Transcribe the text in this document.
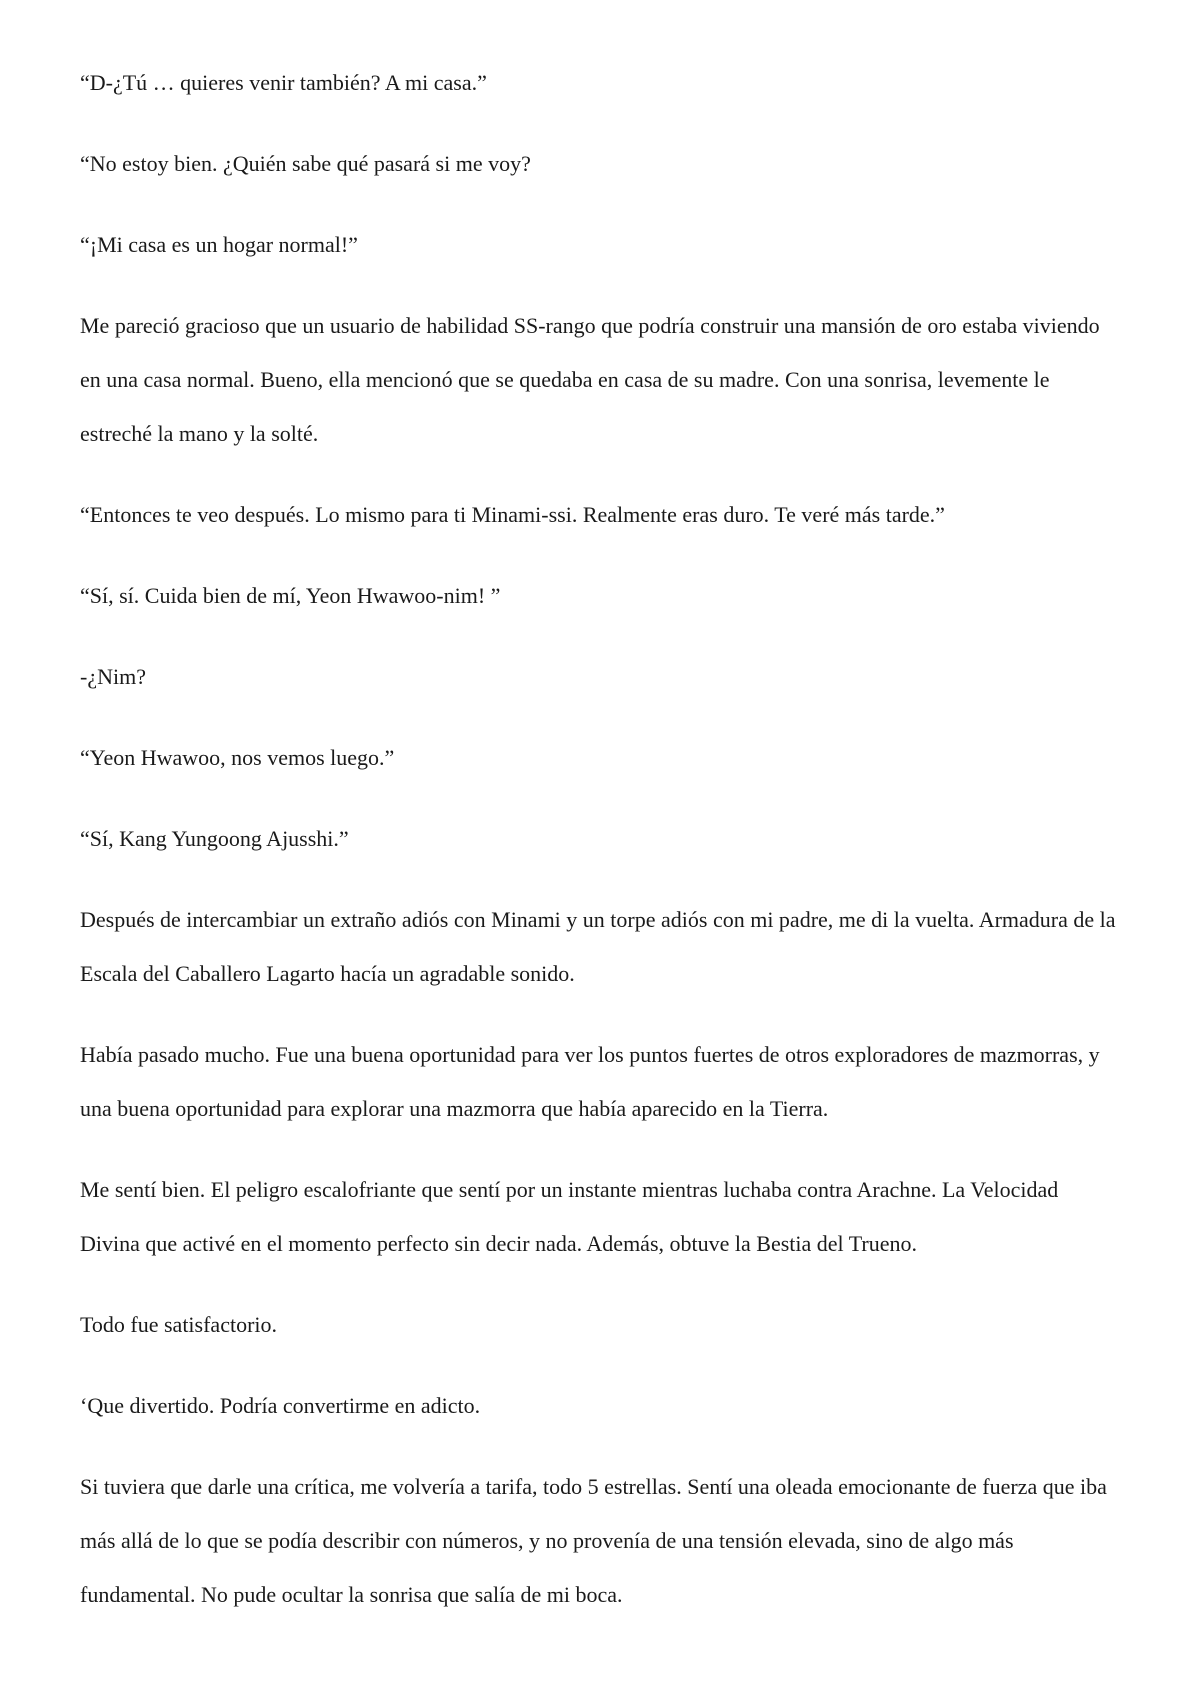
“D-¿Tú … quieres venir también? A mi casa.”

“No estoy bien. ¿Quién sabe qué pasará si me voy?

“¡Mi casa es un hogar normal!”

Me pareció gracioso que un usuario de habilidad SS-rango que podría construir una mansión de oro estaba viviendo en una casa normal. Bueno, ella mencionó que se quedaba en casa de su madre. Con una sonrisa, levemente le estreché la mano y la solté.

“Entonces te veo después. Lo mismo para ti Minami-ssi. Realmente eras duro. Te veré más tarde.”

“Sí, sí. Cuida bien de mí, Yeon Hwawoo-nim! ”

-¿Nim?

“Yeon Hwawoo, nos vemos luego.”

“Sí, Kang Yungoong Ajusshi.”

Después de intercambiar un extraño adiós con Minami y un torpe adiós con mi padre, me di la vuelta. Armadura de la Escala del Caballero Lagarto hacía un agradable sonido.

Había pasado mucho. Fue una buena oportunidad para ver los puntos fuertes de otros exploradores de mazmorras, y una buena oportunidad para explorar una mazmorra que había aparecido en la Tierra.

Me sentí bien. El peligro escalofriante que sentí por un instante mientras luchaba contra Arachne. La Velocidad Divina que activé en el momento perfecto sin decir nada. Además, obtuve la Bestia del Trueno.

Todo fue satisfactorio.

‘Que divertido. Podría convertirme en adicto.

Si tuviera que darle una crítica, me volvería a tarifa, todo 5 estrellas. Sentí una oleada emocionante de fuerza que iba más allá de lo que se podía describir con números, y no provenía de una tensión elevada, sino de algo más fundamental. No pude ocultar la sonrisa que salía de mi boca.
